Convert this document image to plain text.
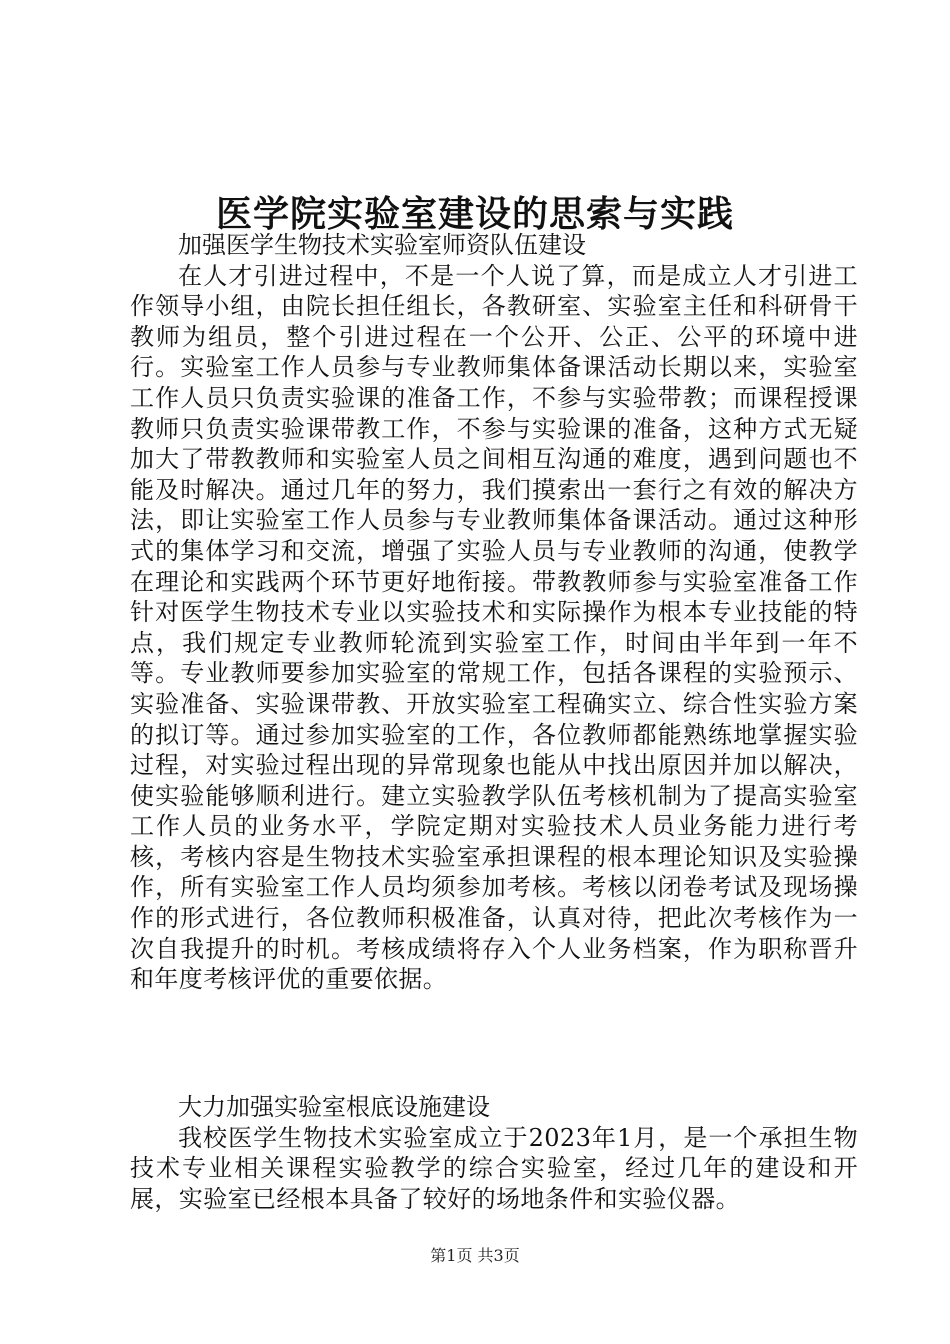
医学院实验室建设的思索与实践

加强医学生物技术实验室师资队伍建设

在人才引进过程中，不是一个人说了算，而是成立人才引进工作领导小组，由院长担任组长，各教研室、实验室主任和科研骨干教师为组员，整个引进过程在一个公开、公正、公平的环境中进行。实验室工作人员参与专业教师集体备课活动长期以来，实验室工作人员只负责实验课的准备工作，不参与实验带教；而课程授课教师只负责实验课带教工作，不参与实验课的准备，这种方式无疑加大了带教教师和实验室人员之间相互沟通的难度，遇到问题也不能及时解决。通过几年的努力，我们摸索出一套行之有效的解决方法，即让实验室工作人员参与专业教师集体备课活动。通过这种形式的集体学习和交流，增强了实验人员与专业教师的沟通，使教学在理论和实践两个环节更好地衔接。带教教师参与实验室准备工作针对医学生物技术专业以实验技术和实际操作为根本专业技能的特点，我们规定专业教师轮流到实验室工作，时间由半年到一年不等。专业教师要参加实验室的常规工作，包括各课程的实验预示、实验准备、实验课带教、开放实验室工程确实立、综合性实验方案的拟订等。通过参加实验室的工作，各位教师都能熟练地掌握实验过程，对实验过程出现的异常现象也能从中找出原因并加以解决，使实验能够顺利进行。建立实验教学队伍考核机制为了提高实验室工作人员的业务水平，学院定期对实验技术人员业务能力进行考核，考核内容是生物技术实验室承担课程的根本理论知识及实验操作，所有实验室工作人员均须参加考核。考核以闭卷考试及现场操作的形式进行，各位教师积极准备，认真对待，把此次考核作为一次自我提升的时机。考核成绩将存入个人业务档案，作为职称晋升和年度考核评优的重要依据。

大力加强实验室根底设施建设

我校医学生物技术实验室成立于2023年1月，是一个承担生物技术专业相关课程实验教学的综合实验室，经过几年的建设和开展，实验室已经根本具备了较好的场地条件和实验仪器。

第1页 共3页
